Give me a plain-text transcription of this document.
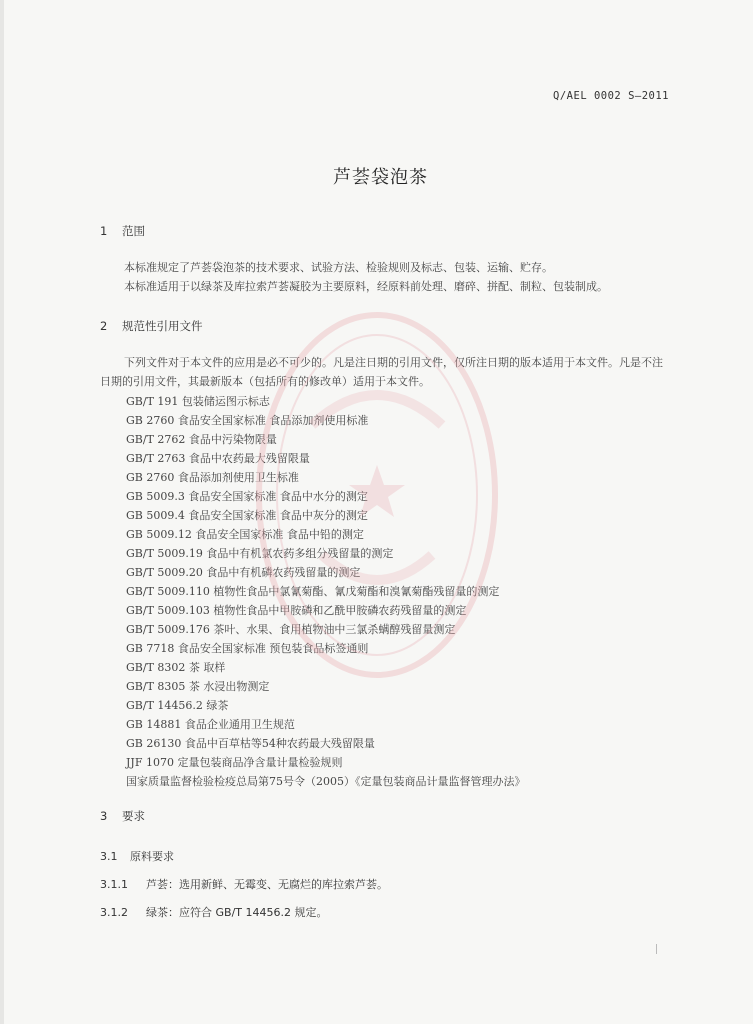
Q/AEL 0002 S—2011
芦荟袋泡茶
1 范围

本标准规定了芦荟袋泡茶的技术要求、试验方法、检验规则及标志、包装、运输、贮存。

本标准适用于以绿茶及库拉索芦荟凝胶为主要原料，经原料前处理、磨碎、拼配、制粒、包装制成。

2 规范性引用文件

下列文件对于本文件的应用是必不可少的。凡是注日期的引用文件，仅所注日期的版本适用于本文件。凡是不注日期的引用文件，其最新版本（包括所有的修改单）适用于本文件。

GB/T 191 包装储运图示标志
GB 2760 食品安全国家标准 食品添加剂使用标准
GB/T 2762 食品中污染物限量
GB/T 2763 食品中农药最大残留限量
GB 2760 食品添加剂使用卫生标准
GB 5009.3 食品安全国家标准 食品中水分的测定
GB 5009.4 食品安全国家标准 食品中灰分的测定
GB 5009.12 食品安全国家标准 食品中铅的测定
GB/T 5009.19 食品中有机氯农药多组分残留量的测定
GB/T 5009.20 食品中有机磷农药残留量的测定
GB/T 5009.110 植物性食品中氯氰菊酯、氰戊菊酯和溴氰菊酯残留量的测定
GB/T 5009.103 植物性食品中甲胺磷和乙酰甲胺磷农药残留量的测定
GB/T 5009.176 茶叶、水果、食用植物油中三氯杀螨醇残留量测定
GB 7718 食品安全国家标准 预包装食品标签通则
GB/T 8302 茶 取样
GB/T 8305 茶 水浸出物测定
GB/T 14456.2 绿茶
GB 14881 食品企业通用卫生规范
GB 26130 食品中百草枯等54种农药最大残留限量
JJF 1070 定量包装商品净含量计量检验规则
国家质量监督检验检疫总局第75号令（2005）《定量包装商品计量监督管理办法》
3 要求
3.1 原料要求
3.1.1 芦荟：选用新鲜、无霉变、无腐烂的库拉索芦荟。
3.1.2 绿茶：应符合 GB/T 14456.2 规定。
